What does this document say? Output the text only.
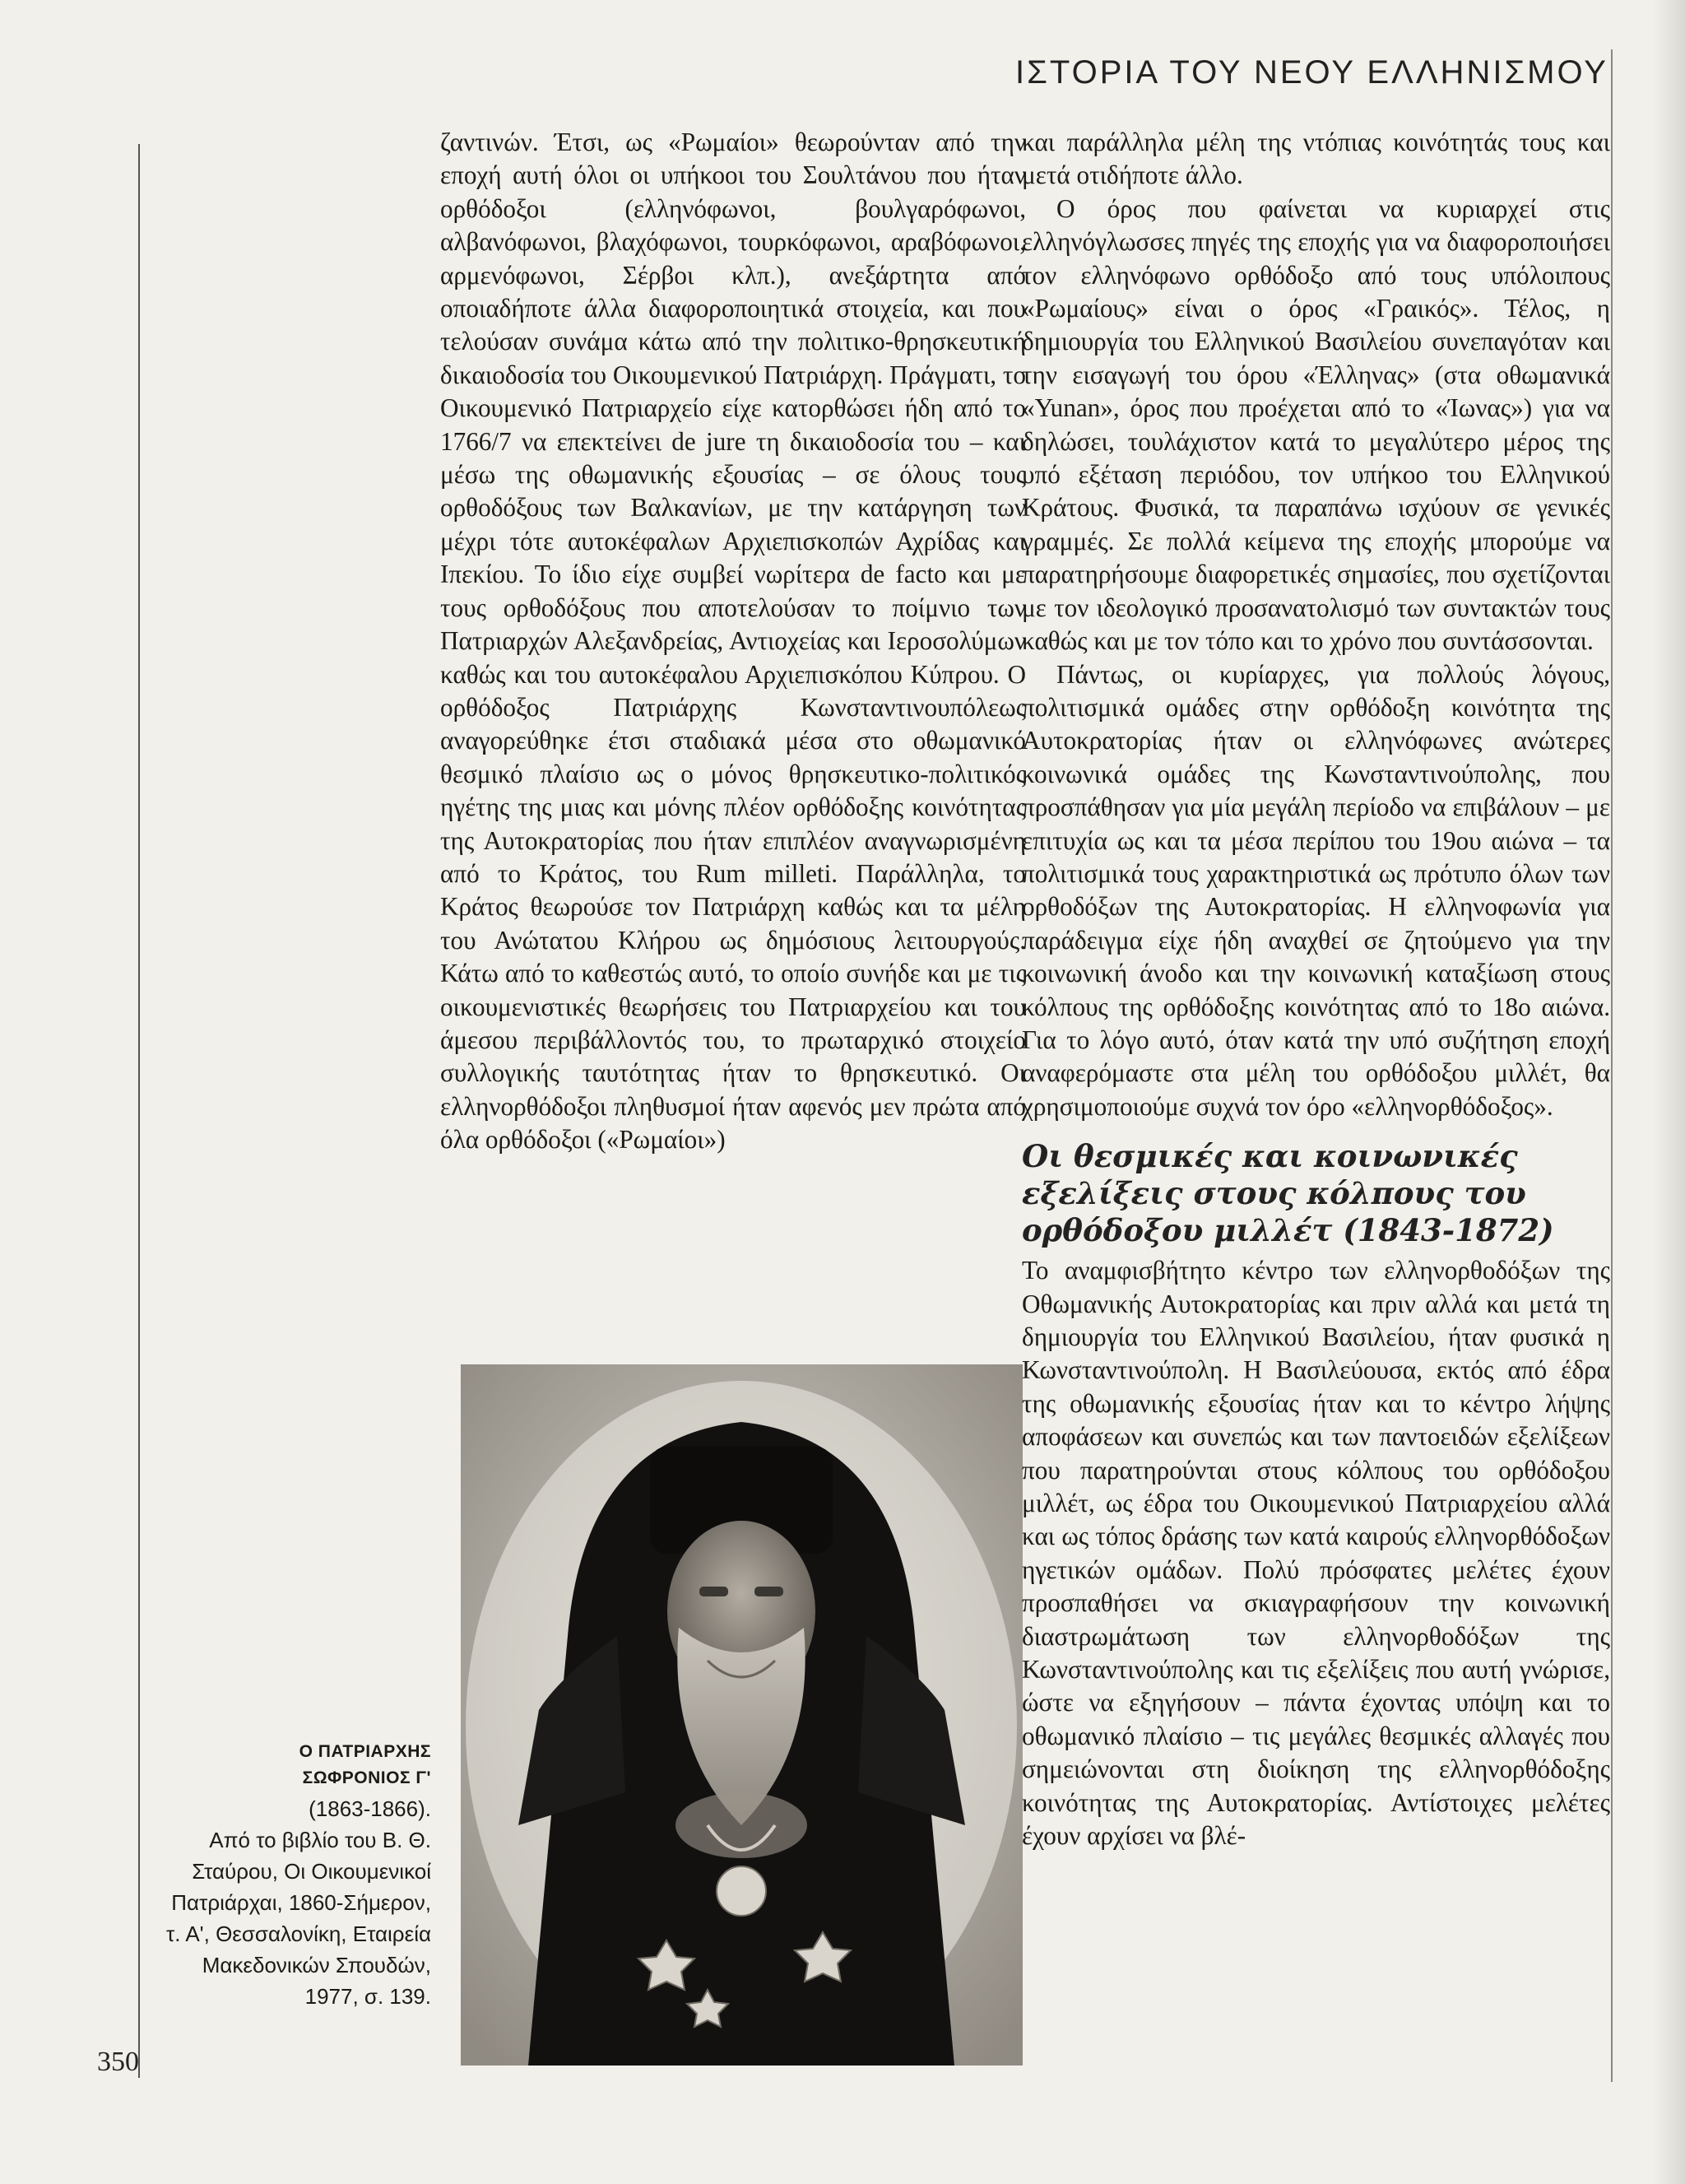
ΙΣΤΟΡΙΑ ΤΟΥ ΝΕΟΥ ΕΛΛΗΝΙΣΜΟΥ

ζαντινών. Έτσι, ως «Ρωμαίοι» θεωρούνταν από την εποχή αυτή όλοι οι υπήκοοι του Σουλτάνου που ήταν ορθόδοξοι (ελληνόφωνοι, βουλγαρόφωνοι, αλβανόφωνοι, βλαχόφωνοι, τουρκόφωνοι, αραβόφωνοι, αρμενόφωνοι, Σέρβοι κλπ.), ανεξάρτητα από οποιαδήποτε άλλα διαφοροποιητικά στοιχεία, και που τελούσαν συνάμα κάτω από την πολιτικο-θρησκευτική δικαιοδοσία του Οικουμενικού Πατριάρχη. Πράγματι, το Οικουμενικό Πατριαρχείο είχε κατορθώσει ήδη από το 1766/7 να επεκτείνει de jure τη δικαιοδοσία του – και μέσω της οθωμανικής εξουσίας – σε όλους τους ορθοδόξους των Βαλκανίων, με την κατάργηση των μέχρι τότε αυτοκέφαλων Αρχιεπισκοπών Αχρίδας και Ιπεκίου. Το ίδιο είχε συμβεί νωρίτερα de facto και με τους ορθοδόξους που αποτελούσαν το ποίμνιο των Πατριαρχών Αλεξανδρείας, Αντιοχείας και Ιεροσολύμων καθώς και του αυτοκέφαλου Αρχιεπισκόπου Κύπρου. Ο ορθόδοξος Πατριάρχης Κωνσταντινουπόλεως αναγορεύθηκε έτσι σταδιακά μέσα στο οθωμανικό θεσμικό πλαίσιο ως ο μόνος θρησκευτικο-πολιτικός ηγέτης της μιας και μόνης πλέον ορθόδοξης κοινότητας της Αυτοκρατορίας που ήταν επιπλέον αναγνωρισμένη από το Κράτος, του Rum milleti. Παράλληλα, το Κράτος θεωρούσε τον Πατριάρχη καθώς και τα μέλη του Ανώτατου Κλήρου ως δημόσιους λειτουργούς. Κάτω από το καθεστώς αυτό, το οποίο συνήδε και με τις οικουμενιστικές θεωρήσεις του Πατριαρχείου και του άμεσου περιβάλλοντός του, το πρωταρχικό στοιχείο συλλογικής ταυτότητας ήταν το θρησκευτικό. Οι ελληνορθόδοξοι πληθυσμοί ήταν αφενός μεν πρώτα από όλα ορθόδοξοι («Ρωμαίοι»)

Ο ΠΑΤΡΙΑΡΧΗΣ
ΣΩΦΡΟΝΙΟΣ Γ'
(1863-1866).
Από το βιβλίο του Β. Θ. Σταύρου, Οι Οικουμενικοί Πατριάρχαι, 1860-Σήμερον, τ. Α', Θεσσαλονίκη, Εταιρεία Μακεδονικών Σπουδών, 1977, σ. 139.

και παράλληλα μέλη της ντόπιας κοινότητάς τους και μετά οτιδήποτε άλλο.

Ο όρος που φαίνεται να κυριαρχεί στις ελληνόγλωσσες πηγές της εποχής για να διαφοροποιήσει τον ελληνόφωνο ορθόδοξο από τους υπόλοιπους «Ρωμαίους» είναι ο όρος «Γραικός». Τέλος, η δημιουργία του Ελληνικού Βασιλείου συνεπαγόταν και την εισαγωγή του όρου «Έλληνας» (στα οθωμανικά «Yunan», όρος που προέχεται από το «Ίωνας») για να δηλώσει, τουλάχιστον κατά το μεγαλύτερο μέρος της υπό εξέταση περιόδου, τον υπήκοο του Ελληνικού Κράτους. Φυσικά, τα παραπάνω ισχύουν σε γενικές γραμμές. Σε πολλά κείμενα της εποχής μπορούμε να παρατηρήσουμε διαφορετικές σημασίες, που σχετίζονται με τον ιδεολογικό προσανατολισμό των συντακτών τους καθώς και με τον τόπο και το χρόνο που συντάσσονται.

Πάντως, οι κυρίαρχες, για πολλούς λόγους, πολιτισμικά ομάδες στην ορθόδοξη κοινότητα της Αυτοκρατορίας ήταν οι ελληνόφωνες ανώτερες κοινωνικά ομάδες της Κωνσταντινούπολης, που προσπάθησαν για μία μεγάλη περίοδο να επιβάλουν – με επιτυχία ως και τα μέσα περίπου του 19ου αιώνα – τα πολιτισμικά τους χαρακτηριστικά ως πρότυπο όλων των ορθοδόξων της Αυτοκρατορίας. Η ελληνοφωνία για παράδειγμα είχε ήδη αναχθεί σε ζητούμενο για την κοινωνική άνοδο και την κοινωνική καταξίωση στους κόλπους της ορθόδοξης κοινότητας από το 18ο αιώνα. Για το λόγο αυτό, όταν κατά την υπό συζήτηση εποχή αναφερόμαστε στα μέλη του ορθόδοξου μιλλέτ, θα χρησιμοποιούμε συχνά τον όρο «ελληνορθόδοξος».

Οι θεσμικές και κοινωνικές εξελίξεις στους κόλπους του ορθόδοξου μιλλέτ (1843-1872)

Το αναμφισβήτητο κέντρο των ελληνορθοδόξων της Οθωμανικής Αυτοκρατορίας και πριν αλλά και μετά τη δημιουργία του Ελληνικού Βασιλείου, ήταν φυσικά η Κωνσταντινούπολη. Η Βασιλεύουσα, εκτός από έδρα της οθωμανικής εξουσίας ήταν και το κέντρο λήψης αποφάσεων και συνεπώς και των παντοειδών εξελίξεων που παρατηρούνται στους κόλπους του ορθόδοξου μιλλέτ, ως έδρα του Οικουμενικού Πατριαρχείου αλλά και ως τόπος δράσης των κατά καιρούς ελληνορθόδοξων ηγετικών ομάδων. Πολύ πρόσφατες μελέτες έχουν προσπαθήσει να σκιαγραφήσουν την κοινωνική διαστρωμάτωση των ελληνορθοδόξων της Κωνσταντινούπολης και τις εξελίξεις που αυτή γνώρισε, ώστε να εξηγήσουν – πάντα έχοντας υπόψη και το οθωμανικό πλαίσιο – τις μεγάλες θεσμικές αλλαγές που σημειώνονται στη διοίκηση της ελληνορθόδοξης κοινότητας της Αυτοκρατορίας. Αντίστοιχες μελέτες έχουν αρχίσει να βλέ-

350
